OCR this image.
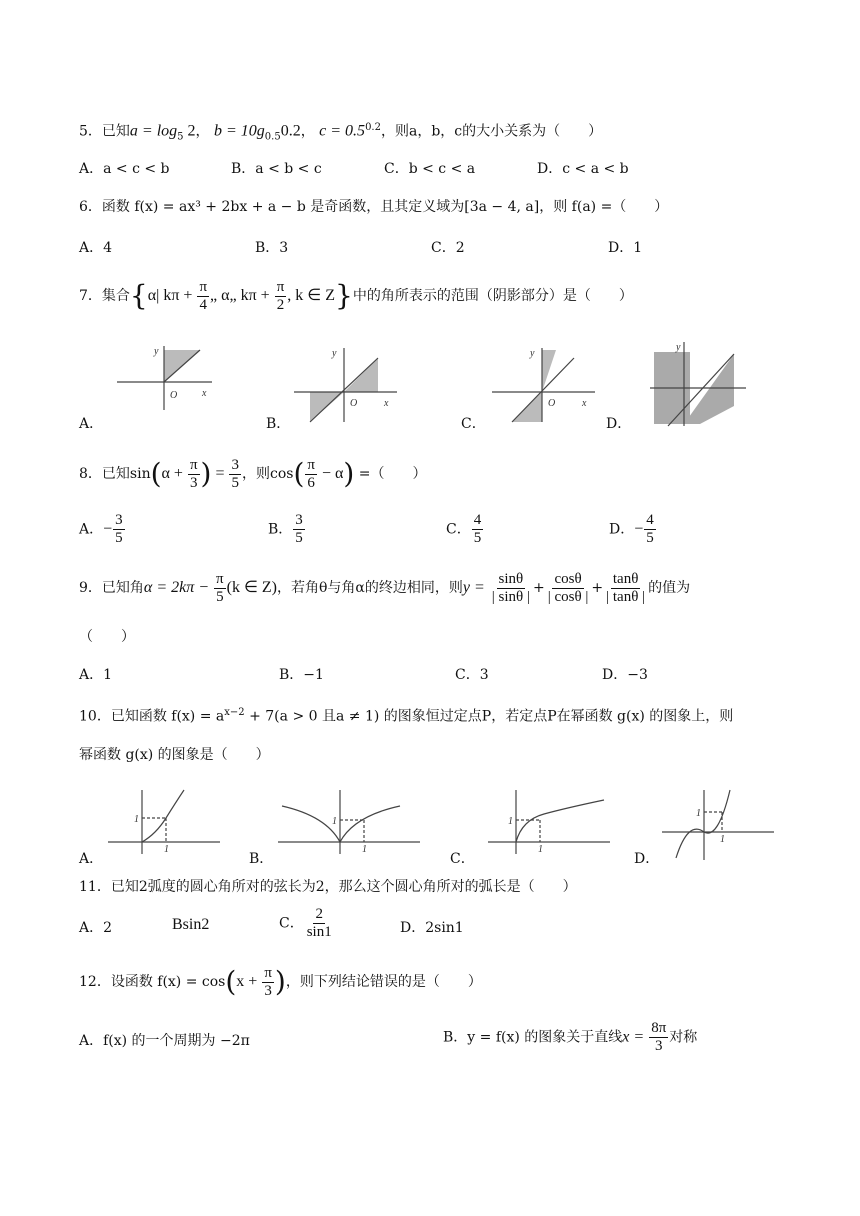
5．已知$a = \log_5 2$， $b = 10g_{0.5}0.2$， $c = 0.5^{0.2}$，则a，b，c的大小关系为（　　）
A．a < c < b	B．a < b < c	C．b < c < a	D．c < a < b
6．函数 f(x) = ax³ + 2bx + a − b 是奇函数，且其定义域为[3a − 4, a]，则 f(a) =（　　）
A．4	B．3	C．2	D．1
7．集合{α| $k\pi + \frac{\pi}{4}$ „ α„ $k\pi + \frac{\pi}{2}$ , k ∈ Z}中的角所表示的范围（阴影部分）是（　　）
A．	B．	C．	D．
y
O x
y
O	x
y
O	x
y
8．已知$\sin(\alpha + \frac{\pi}{3}$ ) = $\frac{3}{5}$ ，则$\cos( \frac{\pi}{6} - \alpha)$ =（　　）
A．− $\frac{3}{5}$	B． $\frac{3}{5}$	C． $\frac{4}{5}$	D．− $\frac{4}{5}$
9．已知角$\alpha = 2k\pi - \frac{\pi}{5} (k$ ∈ Z)，若角θ与角α的终边相同，则$y = \frac{\sin\theta}{| \sin\theta |} + \frac{\cos\theta}{| \cos\theta |} + \frac{\tan\theta}{| \tan\theta |}$ 的值为
（　　）
A．1	B．−1	C．3	D．−3
10．已知函数 $f(x) = a^{x-2} + 7(a > 0$ 且a ≠ 1) 的图象恒过定点P，若定点P在幂函数 g(x) 的图象上，则
幂函数 g(x) 的图象是（　　）
A．	B．	C．	D．
1
1
1
1
1
1
1
1
11．已知2弧度的圆心角所对的弦长为2，那么这个圆心角所对的弧长是（　　）
A．2	Bsin2	C． $\frac{2}{\sin 1}$	D．2sin1
12．设函数 $f(x) = \cos(x + \frac{\pi}{3}$ )，则下列结论错误的是（　　）
A．f(x) 的一个周期为 −2π	B．y = f(x) 的图象关于直线$x = \frac{8\pi}{3}$ 对称
